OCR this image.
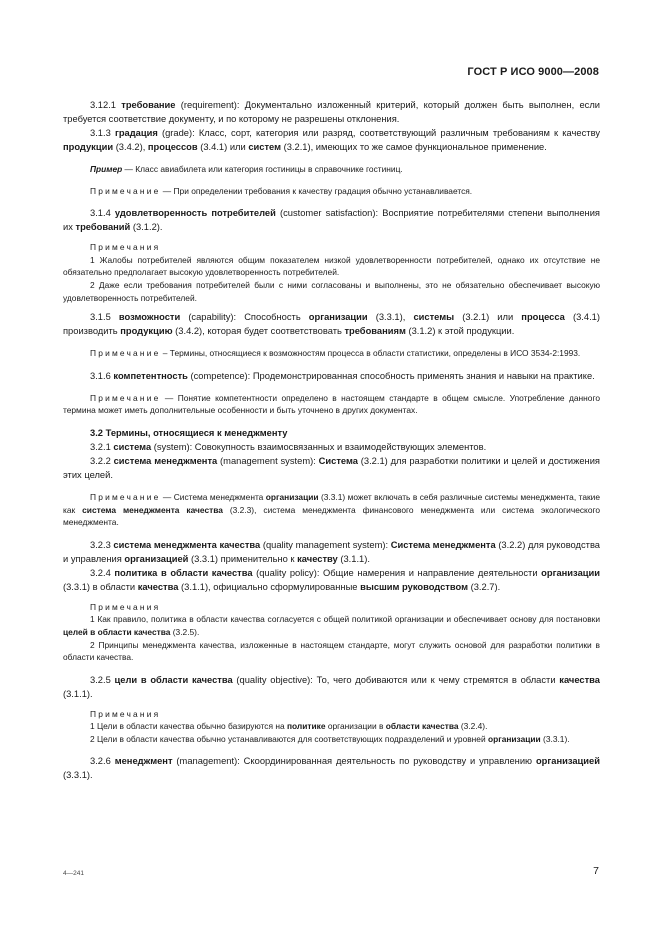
ГОСТ Р ИСО 9000—2008

3.12.1 требование (requirement): Документально изложенный критерий, который должен быть выполнен, если требуется соответствие документу, и по которому не разрешены отклонения.

3.1.3 градация (grade): Класс, сорт, категория или разряд, соответствующий различным требованиям к качеству продукции (3.4.2), процессов (3.4.1) или систем (3.2.1), имеющих то же самое функциональное применение.

Пример — Класс авиабилета или категория гостиницы в справочнике гостиниц.

Примечание — При определении требования к качеству градация обычно устанавливается.

3.1.4 удовлетворенность потребителей (customer satisfaction): Восприятие потребителями степени выполнения их требований (3.1.2).

Примечания

1 Жалобы потребителей являются общим показателем низкой удовлетворенности потребителей, однако их отсутствие не обязательно предполагает высокую удовлетворенность потребителей.

2 Даже если требования потребителей были с ними согласованы и выполнены, это не обязательно обеспечивает высокую удовлетворенность потребителей.

3.1.5 возможности (capability): Способность организации (3.3.1), системы (3.2.1) или процесса (3.4.1) производить продукцию (3.4.2), которая будет соответствовать требованиям (3.1.2) к этой продукции.

Примечание – Термины, относящиеся к возможностям процесса в области статистики, определены в ИСО 3534-2:1993.

3.1.6 компетентность (competence): Продемонстрированная способность применять знания и навыки на практике.

Примечание — Понятие компетентности определено в настоящем стандарте в общем смысле. Употребление данного термина может иметь дополнительные особенности и быть уточнено в других документах.

3.2 Термины, относящиеся к менеджменту

3.2.1 система (system): Совокупность взаимосвязанных и взаимодействующих элементов.

3.2.2 система менеджмента (management system): Система (3.2.1) для разработки политики и целей и достижения этих целей.

Примечание — Система менеджмента организации (3.3.1) может включать в себя различные системы менеджмента, такие как система менеджмента качества (3.2.3), система менеджмента финансового менеджмента или система экологического менеджмента.

3.2.3 система менеджмента качества (quality management system): Система менеджмента (3.2.2) для руководства и управления организацией (3.3.1) применительно к качеству (3.1.1).

3.2.4 политика в области качества (quality policy): Общие намерения и направление деятельности организации (3.3.1) в области качества (3.1.1), официально сформулированные высшим руководством (3.2.7).

Примечания

1 Как правило, политика в области качества согласуется с общей политикой организации и обеспечивает основу для постановки целей в области качества (3.2.5).

2 Принципы менеджмента качества, изложенные в настоящем стандарте, могут служить основой для разработки политики в области качества.

3.2.5 цели в области качества (quality objective): То, чего добиваются или к чему стремятся в области качества (3.1.1).

Примечания

1 Цели в области качества обычно базируются на политике организации в области качества (3.2.4).

2 Цели в области качества обычно устанавливаются для соответствующих подразделений и уровней организации (3.3.1).

3.2.6 менеджмент (management): Скоординированная деятельность по руководству и управлению организацией (3.3.1).

4—241	7
